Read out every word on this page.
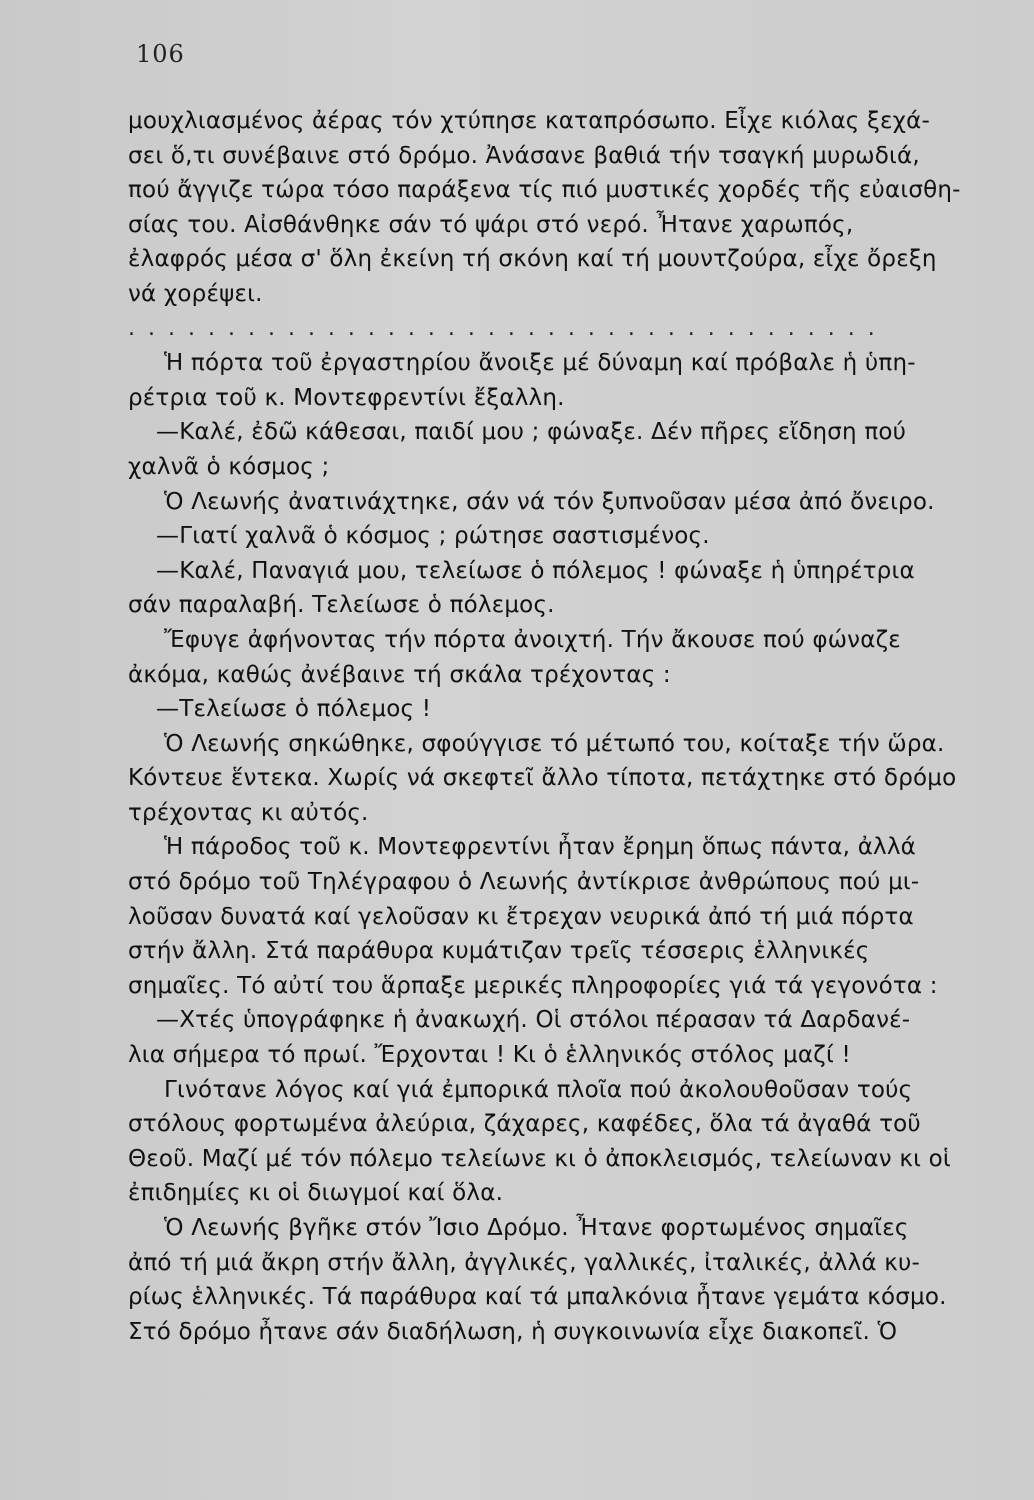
106
μουχλιασμένος ἀέρας τόν χτύπησε καταπρόσωπο. Εἶχε κιόλας ξεχά-
σει ὅ,τι συνέβαινε στό δρόμο. Ἀνάσανε βαθιά τήν τσαγκή μυρωδιά,
πού ἄγγιζε τώρα τόσο παράξενα τίς πιό μυστικές χορδές τῆς εὐαισθη-
σίας του. Αἰσθάνθηκε σάν τό ψάρι στό νερό. Ἦτανε χαρωπός,
ἐλαφρός μέσα σ' ὅλη ἐκείνη τή σκόνη καί τή μουντζούρα, εἶχε ὄρεξη
νά χορέψει.
......................................
Ἡ πόρτα τοῦ ἐργαστηρίου ἄνοιξε μέ δύναμη καί πρόβαλε ἡ ὑπη-
ρέτρια τοῦ κ. Μοντεφρεντίνι ἔξαλλη.
—Καλέ, ἐδῶ κάθεσαι, παιδί μου ; φώναξε. Δέν πῆρες εἴδηση πού
χαλνᾶ ὁ κόσμος ;
Ὁ Λεωνής ἀνατινάχτηκε, σάν νά τόν ξυπνοῦσαν μέσα ἀπό ὄνειρο.
—Γιατί χαλνᾶ ὁ κόσμος ; ρώτησε σαστισμένος.
—Καλέ, Παναγιά μου, τελείωσε ὁ πόλεμος ! φώναξε ἡ ὑπηρέτρια
σάν παραλαβή. Τελείωσε ὁ πόλεμος.
Ἔφυγε ἀφήνοντας τήν πόρτα ἀνοιχτή. Τήν ἄκουσε πού φώναζε
ἀκόμα, καθώς ἀνέβαινε τή σκάλα τρέχοντας :
—Τελείωσε ὁ πόλεμος !
Ὁ Λεωνής σηκώθηκε, σφούγγισε τό μέτωπό του, κοίταξε τήν ὥρα.
Κόντευε ἕντεκα. Χωρίς νά σκεφτεῖ ἄλλο τίποτα, πετάχτηκε στό δρόμο
τρέχοντας κι αὐτός.
Ἡ πάροδος τοῦ κ. Μοντεφρεντίνι ἦταν ἔρημη ὅπως πάντα, ἀλλά
στό δρόμο τοῦ Τηλέγραφου ὁ Λεωνής ἀντίκρισε ἀνθρώπους πού μι-
λοῦσαν δυνατά καί γελοῦσαν κι ἔτρεχαν νευρικά ἀπό τή μιά πόρτα
στήν ἄλλη. Στά παράθυρα κυμάτιζαν τρεῖς τέσσερις ἑλληνικές
σημαῖες. Τό αὐτί του ἅρπαξε μερικές πληροφορίες γιά τά γεγονότα :
—Χτές ὑπογράφηκε ἡ ἀνακωχή. Οἱ στόλοι πέρασαν τά Δαρδανέ-
λια σήμερα τό πρωί. Ἔρχονται ! Κι ὁ ἑλληνικός στόλος μαζί !
Γινότανε λόγος καί γιά ἐμπορικά πλοῖα πού ἀκολουθοῦσαν τούς
στόλους φορτωμένα ἀλεύρια, ζάχαρες, καφέδες, ὅλα τά ἀγαθά τοῦ
Θεοῦ. Μαζί μέ τόν πόλεμο τελείωνε κι ὁ ἀποκλεισμός, τελείωναν κι οἱ
ἐπιδημίες κι οἱ διωγμοί καί ὅλα.
Ὁ Λεωνής βγῆκε στόν Ἴσιο Δρόμο. Ἦτανε φορτωμένος σημαῖες
ἀπό τή μιά ἄκρη στήν ἄλλη, ἀγγλικές, γαλλικές, ἰταλικές, ἀλλά κυ-
ρίως ἑλληνικές. Τά παράθυρα καί τά μπαλκόνια ἦτανε γεμάτα κόσμο.
Στό δρόμο ἦτανε σάν διαδήλωση, ἡ συγκοινωνία εἶχε διακοπεῖ. Ὁ
